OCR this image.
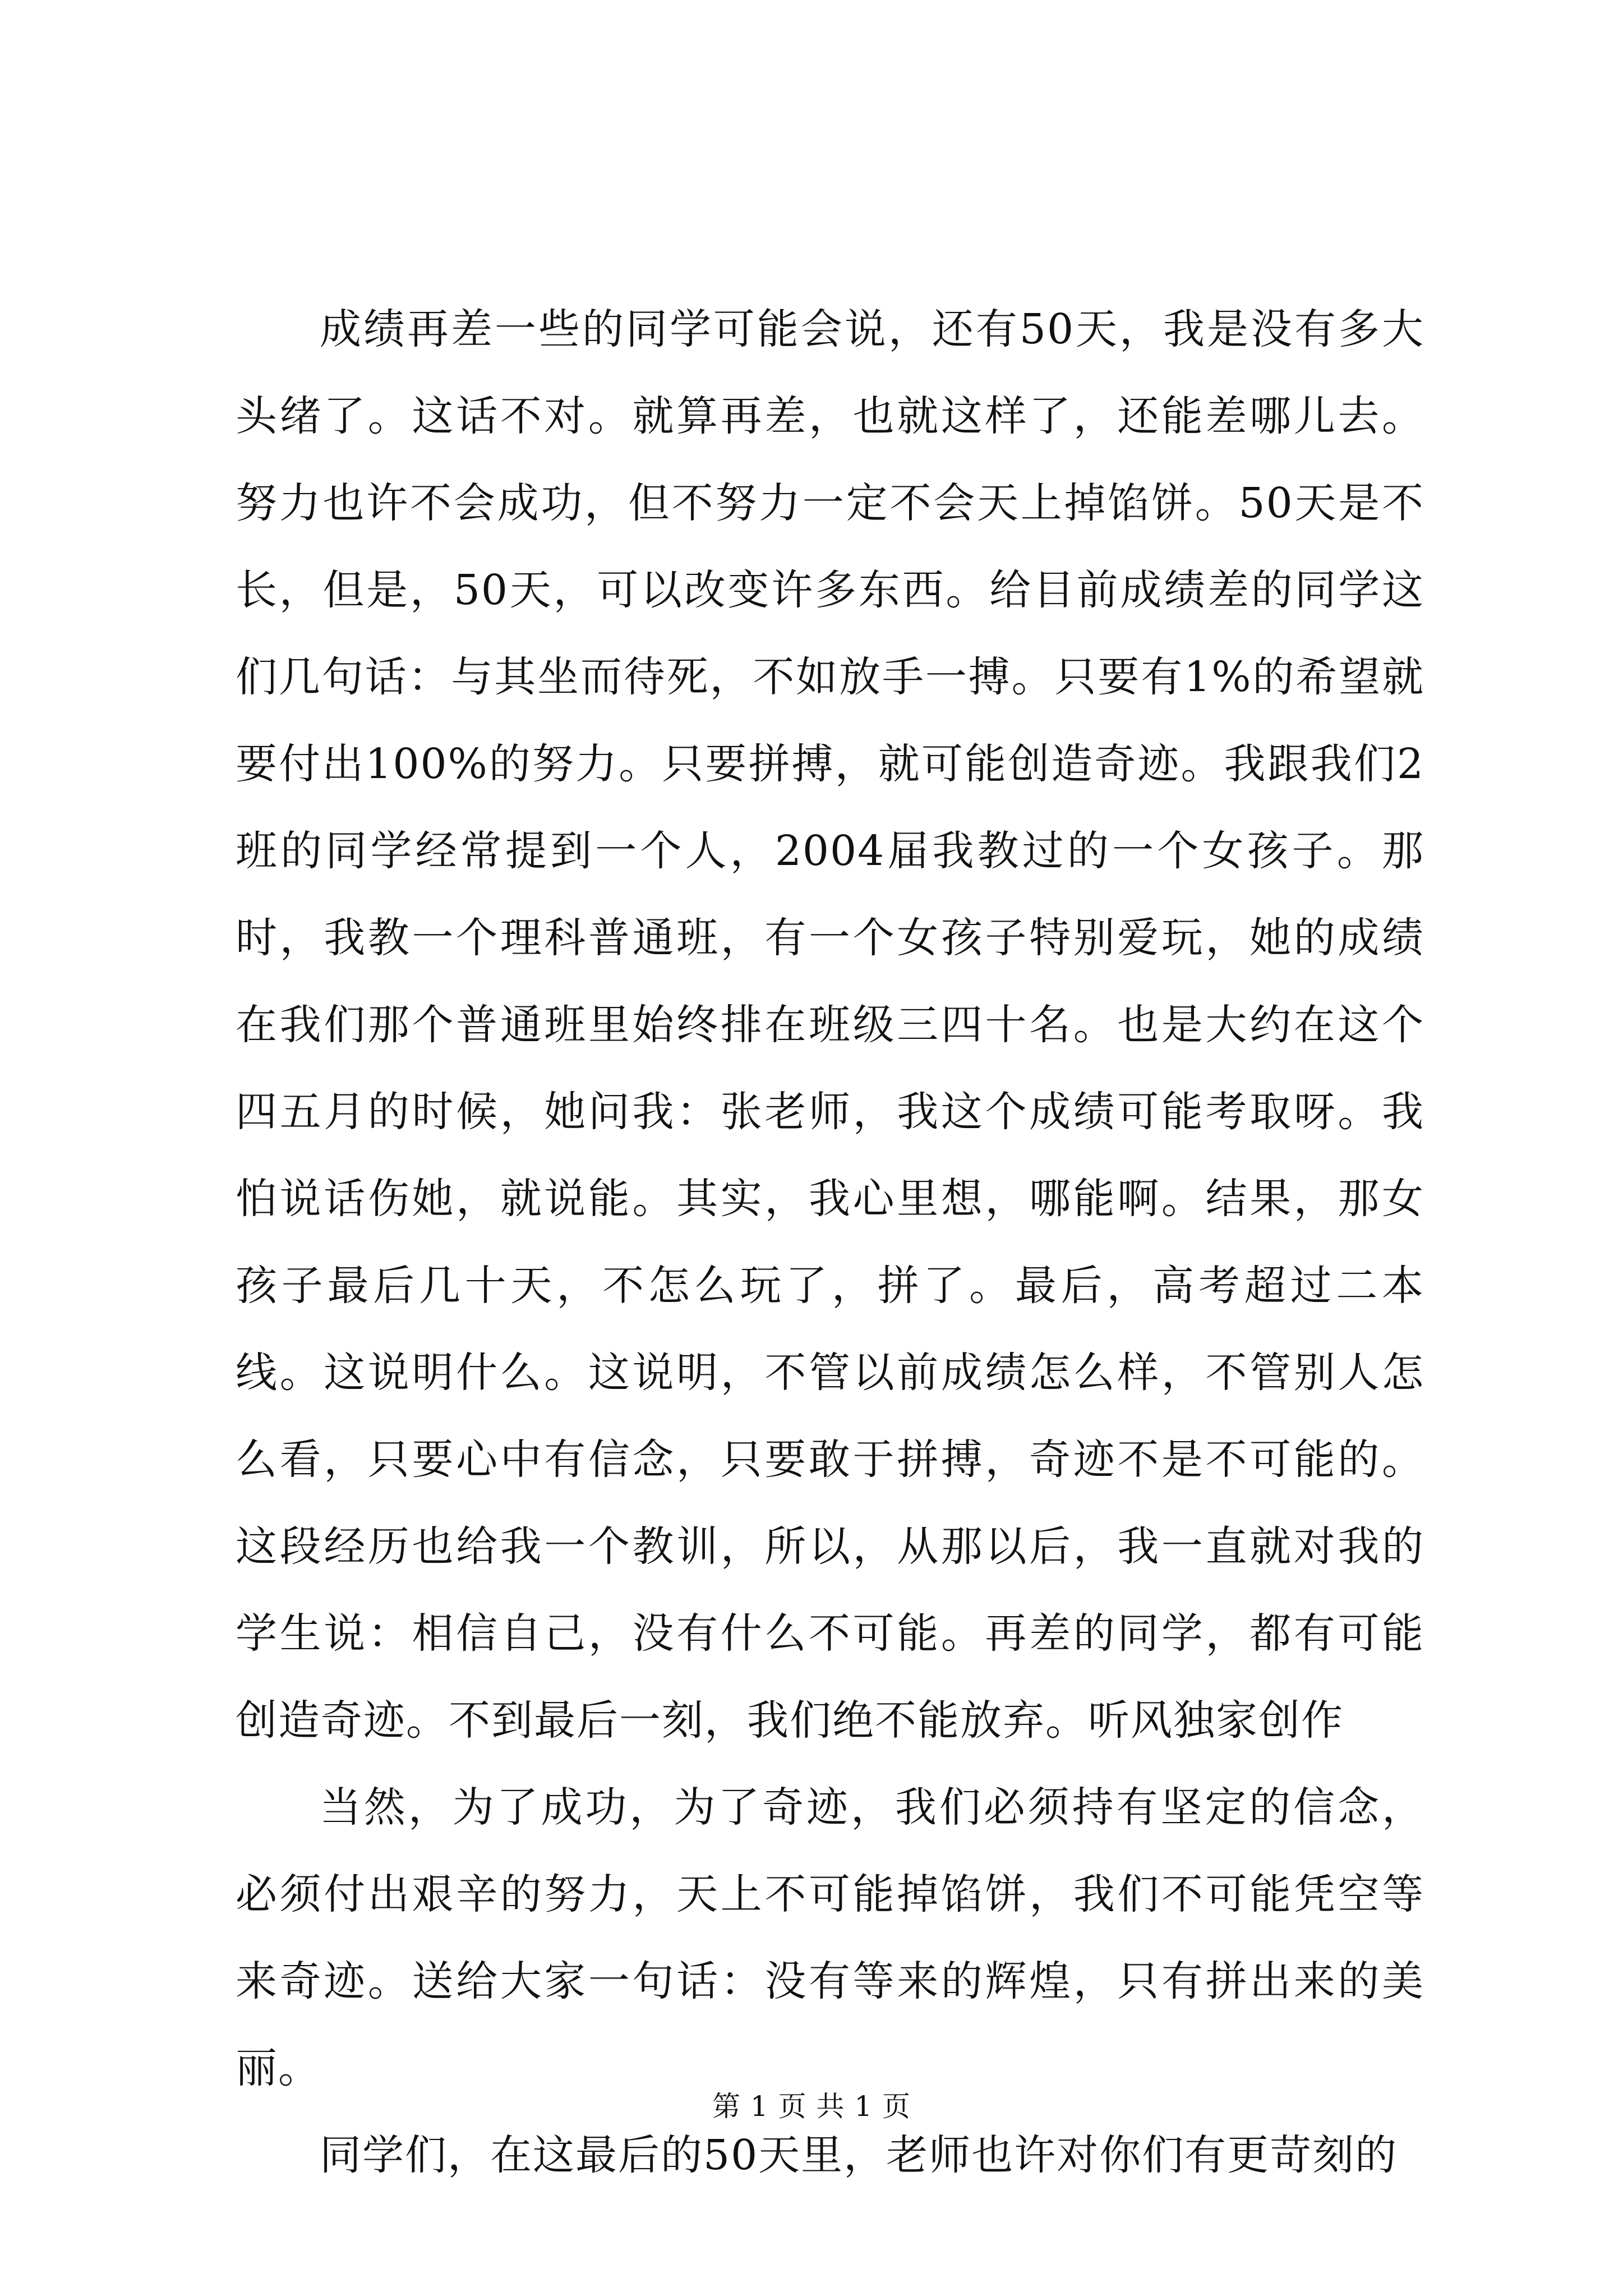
成绩再差一些的同学可能会说，还有50天，我是没有多大头绪了。这话不对。就算再差，也就这样了，还能差哪儿去。努力也许不会成功，但不努力一定不会天上掉馅饼。50天是不长，但是，50天，可以改变许多东西。给目前成绩差的同学这们几句话：与其坐而待死，不如放手一搏。只要有1%的希望就要付出100%的努力。只要拼搏，就可能创造奇迹。我跟我们2班的同学经常提到一个人，2004届我教过的一个女孩子。那时，我教一个理科普通班，有一个女孩子特别爱玩，她的成绩在我们那个普通班里始终排在班级三四十名。也是大约在这个四五月的时候，她问我：张老师，我这个成绩可能考取呀。我怕说话伤她，就说能。其实，我心里想，哪能啊。结果，那女孩子最后几十天，不怎么玩了，拼了。最后，高考超过二本线。这说明什么。这说明，不管以前成绩怎么样，不管别人怎么看，只要心中有信念，只要敢于拼搏，奇迹不是不可能的。这段经历也给我一个教训，所以，从那以后，我一直就对我的学生说：相信自己，没有什么不可能。再差的同学，都有可能创造奇迹。不到最后一刻，我们绝不能放弃。听风独家创作

当然，为了成功，为了奇迹，我们必须持有坚定的信念，必须付出艰辛的努力，天上不可能掉馅饼，我们不可能凭空等来奇迹。送给大家一句话：没有等来的辉煌，只有拼出来的美丽。

同学们，在这最后的50天里，老师也许对你们有更苛刻的

第 1 页 共 1 页
